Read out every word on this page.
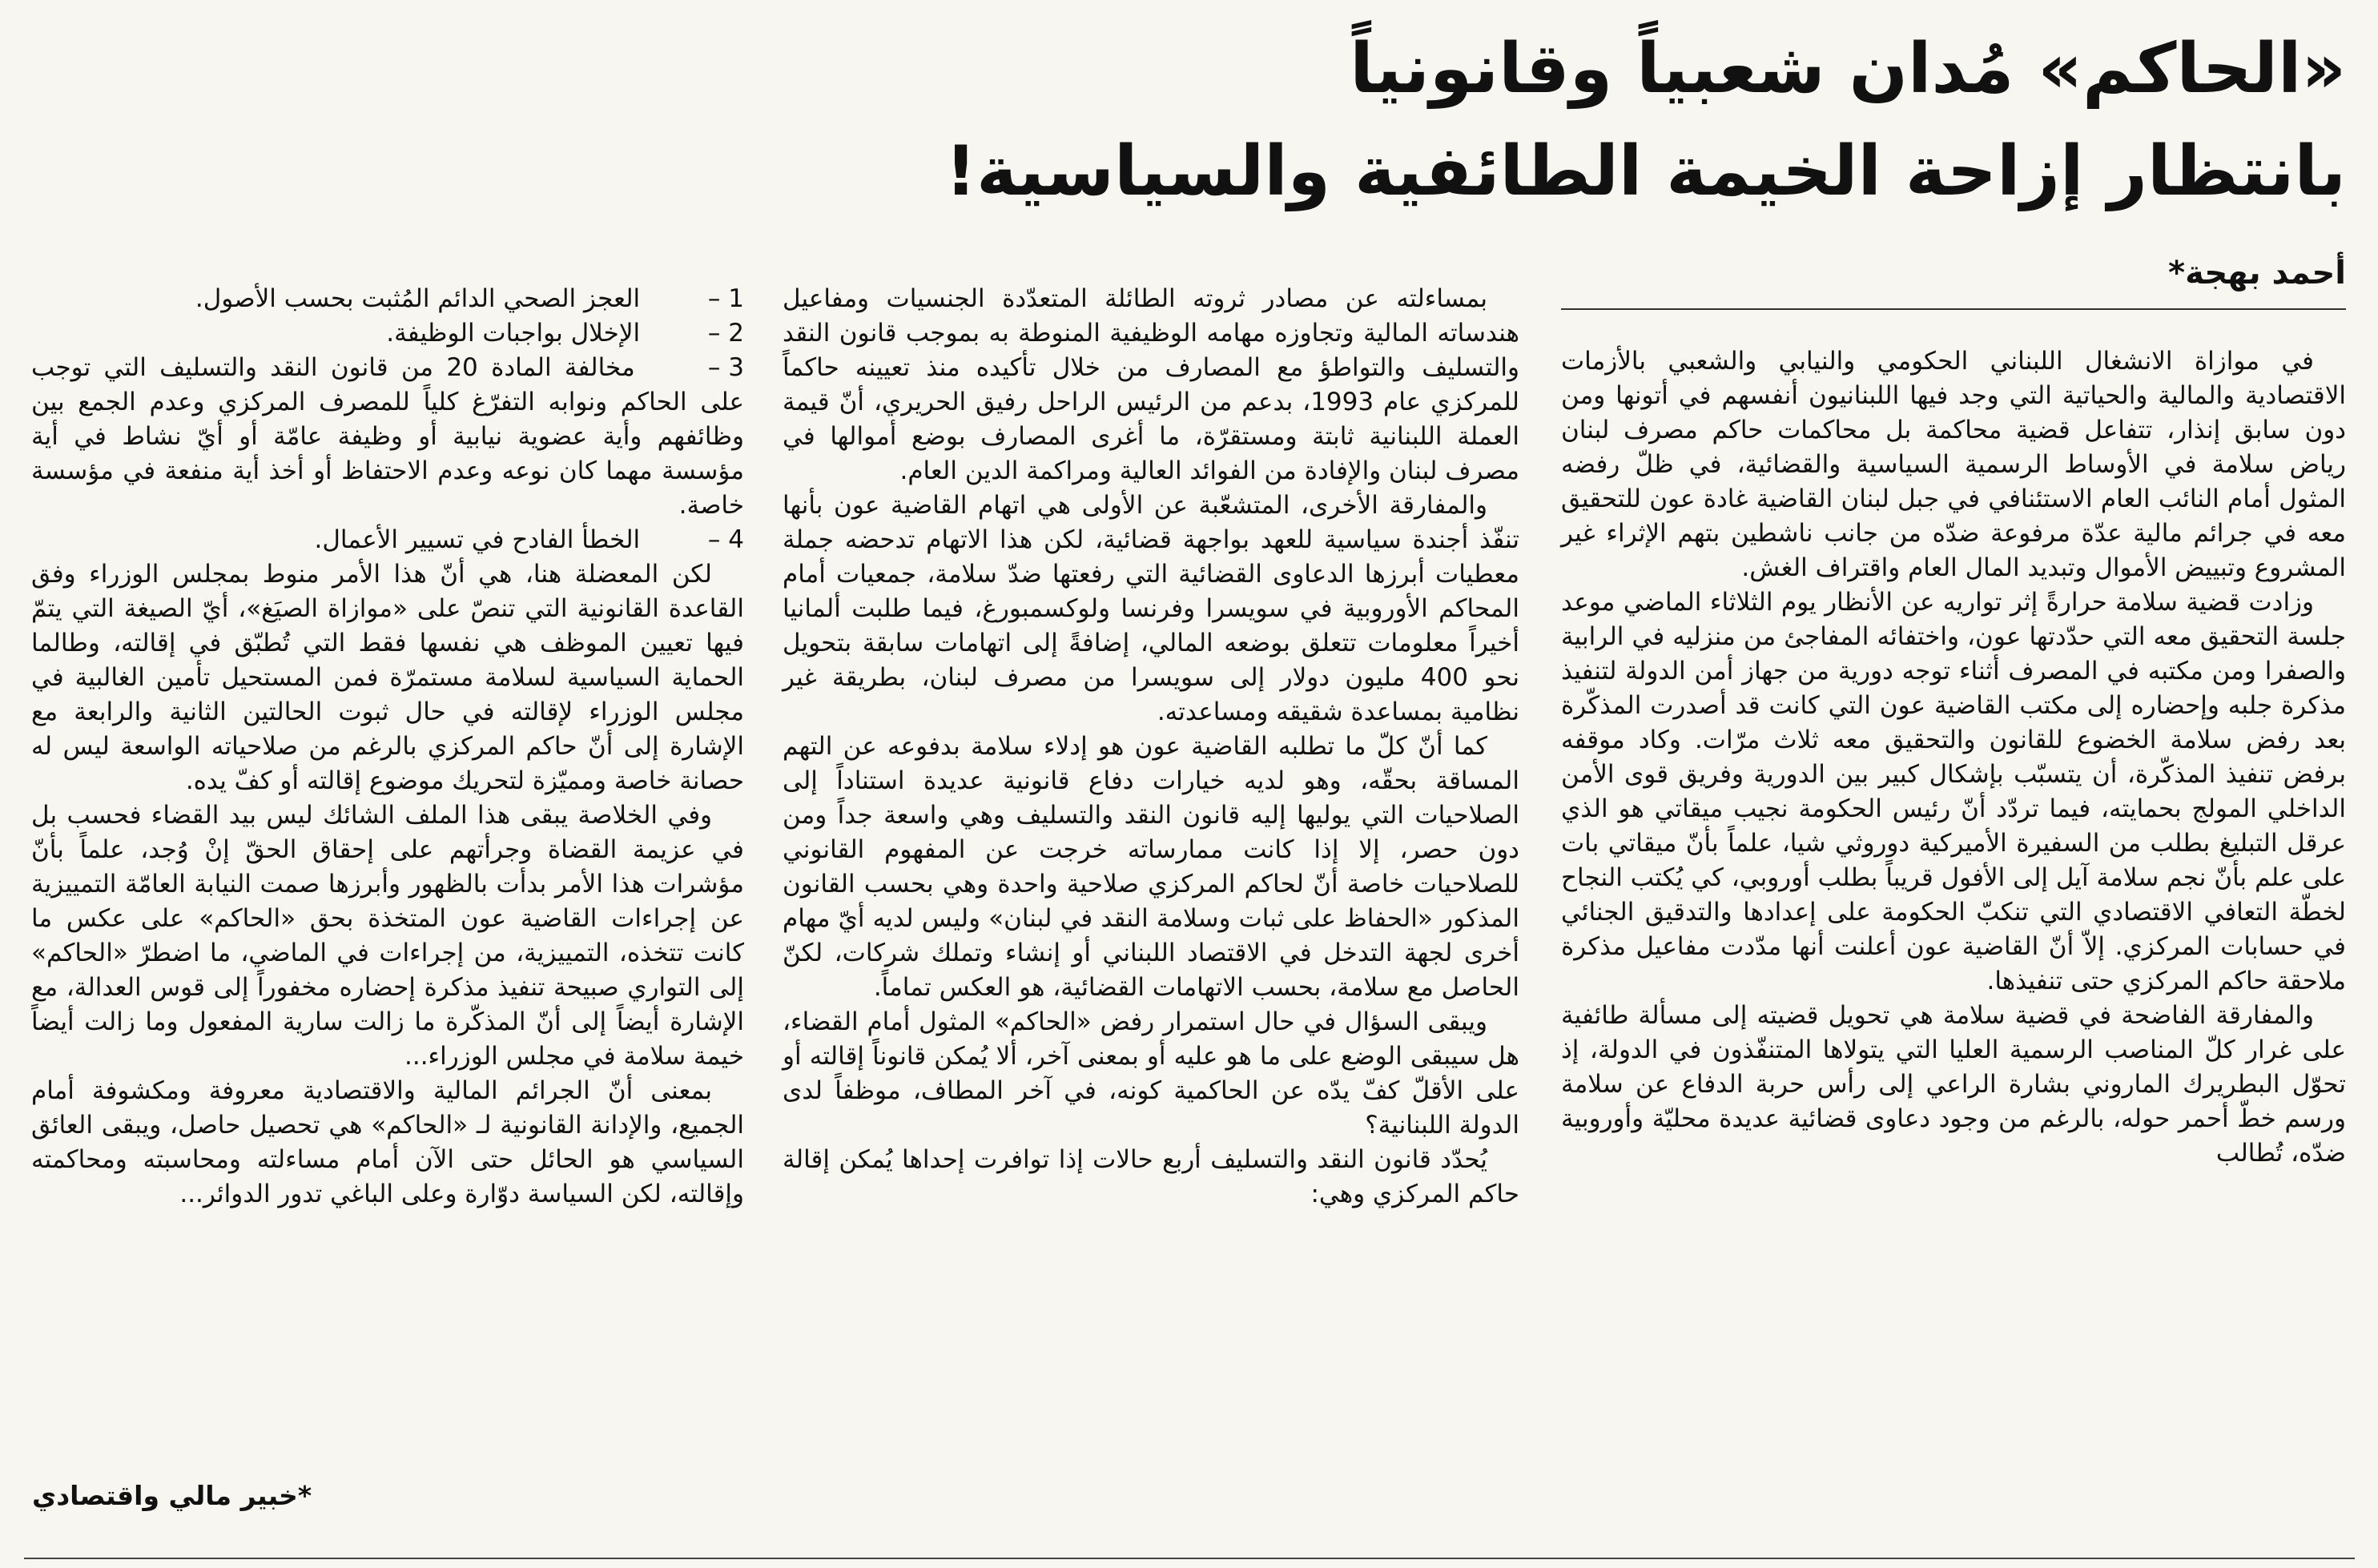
«الحاكم» مُدان شعبياً وقانونياً
بانتظار إزاحة الخيمة الطائفية والسياسية!
أحمد بهجة*

في موازاة الانشغال اللبناني الحكومي والنيابي والشعبي بالأزمات الاقتصادية والمالية والحياتية التي وجد فيها اللبنانيون أنفسهم في أتونها ومن دون سابق إنذار، تتفاعل قضية محاكمة بل محاكمات حاكم مصرف لبنان رياض سلامة في الأوساط الرسمية السياسية والقضائية، في ظلّ رفضه المثول أمام النائب العام الاستئنافي في جبل لبنان القاضية غادة عون للتحقيق معه في جرائم مالية عدّة مرفوعة ضدّه من جانب ناشطين بتهم الإثراء غير المشروع وتبييض الأموال وتبديد المال العام واقتراف الغش.

وزادت قضية سلامة حرارةً إثر تواريه عن الأنظار يوم الثلاثاء الماضي موعد جلسة التحقيق معه التي حدّدتها عون، واختفائه المفاجئ من منزليه في الرابية والصفرا ومن مكتبه في المصرف أثناء توجه دورية من جهاز أمن الدولة لتنفيذ مذكرة جلبه وإحضاره إلى مكتب القاضية عون التي كانت قد أصدرت المذكّرة بعد رفض سلامة الخضوع للقانون والتحقيق معه ثلاث مرّات. وكاد موقفه برفض تنفيذ المذكّرة، أن يتسبّب بإشكال كبير بين الدورية وفريق قوى الأمن الداخلي المولج بحمايته، فيما تردّد أنّ رئيس الحكومة نجيب ميقاتي هو الذي عرقل التبليغ بطلب من السفيرة الأميركية دوروثي شيا، علماً بأنّ ميقاتي بات على علم بأنّ نجم سلامة آيل إلى الأفول قريباً بطلب أوروبي، كي يُكتب النجاح لخطّة التعافي الاقتصادي التي تنكبّ الحكومة على إعدادها والتدقيق الجنائي في حسابات المركزي. إلاّ أنّ القاضية عون أعلنت أنها مدّدت مفاعيل مذكرة ملاحقة حاكم المركزي حتى تنفيذها.

والمفارقة الفاضحة في قضية سلامة هي تحويل قضيته إلى مسألة طائفية على غرار كلّ المناصب الرسمية العليا التي يتولاها المتنفّذون في الدولة، إذ تحوّل البطريرك الماروني بشارة الراعي إلى رأس حربة الدفاع عن سلامة ورسم خطّ أحمر حوله، بالرغم من وجود دعاوى قضائية عديدة محليّة وأوروبية ضدّه، تُطالب

بمساءلته عن مصادر ثروته الطائلة المتعدّدة الجنسيات ومفاعيل هندساته المالية وتجاوزه مهامه الوظيفية المنوطة به بموجب قانون النقد والتسليف والتواطؤ مع المصارف من خلال تأكيده منذ تعيينه حاكماً للمركزي عام 1993، بدعم من الرئيس الراحل رفيق الحريري، أنّ قيمة العملة اللبنانية ثابتة ومستقرّة، ما أغرى المصارف بوضع أموالها في مصرف لبنان والإفادة من الفوائد العالية ومراكمة الدين العام.

والمفارقة الأخرى، المتشعّبة عن الأولى هي اتهام القاضية عون بأنها تنفّذ أجندة سياسية للعهد بواجهة قضائية، لكن هذا الاتهام تدحضه جملة معطيات أبرزها الدعاوى القضائية التي رفعتها ضدّ سلامة، جمعيات أمام المحاكم الأوروبية في سويسرا وفرنسا ولوكسمبورغ، فيما طلبت ألمانيا أخيراً معلومات تتعلق بوضعه المالي، إضافةً إلى اتهامات سابقة بتحويل نحو 400 مليون دولار إلى سويسرا من مصرف لبنان، بطريقة غير نظامية بمساعدة شقيقه ومساعدته.

كما أنّ كلّ ما تطلبه القاضية عون هو إدلاء سلامة بدفوعه عن التهم المساقة بحقّه، وهو لديه خيارات دفاع قانونية عديدة استناداً إلى الصلاحيات التي يوليها إليه قانون النقد والتسليف وهي واسعة جداً ومن دون حصر، إلا إذا كانت ممارساته خرجت عن المفهوم القانوني للصلاحيات خاصة أنّ لحاكم المركزي صلاحية واحدة وهي بحسب القانون المذكور «الحفاظ على ثبات وسلامة النقد في لبنان» وليس لديه أيّ مهام أخرى لجهة التدخل في الاقتصاد اللبناني أو إنشاء وتملك شركات، لكنّ الحاصل مع سلامة، بحسب الاتهامات القضائية، هو العكس تماماً.

ويبقى السؤال في حال استمرار رفض «الحاكم» المثول أمام القضاء، هل سيبقى الوضع على ما هو عليه أو بمعنى آخر، ألا يُمكن قانوناً إقالته أو على الأقلّ كفّ يدّه عن الحاكمية كونه، في آخر المطاف، موظفاً لدى الدولة اللبنانية؟

يُحدّد قانون النقد والتسليف أربع حالات إذا توافرت إحداها يُمكن إقالة حاكم المركزي وهي:

1 – العجز الصحي الدائم المُثبت بحسب الأصول.
2 – الإخلال بواجبات الوظيفة.
3 – مخالفة المادة 20 من قانون النقد والتسليف التي توجب على الحاكم ونوابه التفرّغ كلياً للمصرف المركزي وعدم الجمع بين وظائفهم وأية عضوية نيابية أو وظيفة عامّة أو أيّ نشاط في أية مؤسسة مهما كان نوعه وعدم الاحتفاظ أو أخذ أية منفعة في مؤسسة خاصة.
4 – الخطأ الفادح في تسيير الأعمال.

لكن المعضلة هنا، هي أنّ هذا الأمر منوط بمجلس الوزراء وفق القاعدة القانونية التي تنصّ على «موازاة الصيَغ»، أيّ الصيغة التي يتمّ فيها تعيين الموظف هي نفسها فقط التي تُطبّق في إقالته، وطالما الحماية السياسية لسلامة مستمرّة فمن المستحيل تأمين الغالبية في مجلس الوزراء لإقالته في حال ثبوت الحالتين الثانية والرابعة مع الإشارة إلى أنّ حاكم المركزي بالرغم من صلاحياته الواسعة ليس له حصانة خاصة ومميّزة لتحريك موضوع إقالته أو كفّ يده.

وفي الخلاصة يبقى هذا الملف الشائك ليس بيد القضاء فحسب بل في عزيمة القضاة وجرأتهم على إحقاق الحقّ إنْ وُجد، علماً بأنّ مؤشرات هذا الأمر بدأت بالظهور وأبرزها صمت النيابة العامّة التمييزية عن إجراءات القاضية عون المتخذة بحق «الحاكم» على عكس ما كانت تتخذه، التمييزية، من إجراءات في الماضي، ما اضطرّ «الحاكم» إلى التواري صبيحة تنفيذ مذكرة إحضاره مخفوراً إلى قوس العدالة، مع الإشارة أيضاً إلى أنّ المذكّرة ما زالت سارية المفعول وما زالت أيضاً خيمة سلامة في مجلس الوزراء...

بمعنى أنّ الجرائم المالية والاقتصادية معروفة ومكشوفة أمام الجميع، والإدانة القانونية لـ «الحاكم» هي تحصيل حاصل، ويبقى العائق السياسي هو الحائل حتى الآن أمام مساءلته ومحاسبته ومحاكمته وإقالته، لكن السياسة دوّارة وعلى الباغي تدور الدوائر...

*خبير مالي واقتصادي
